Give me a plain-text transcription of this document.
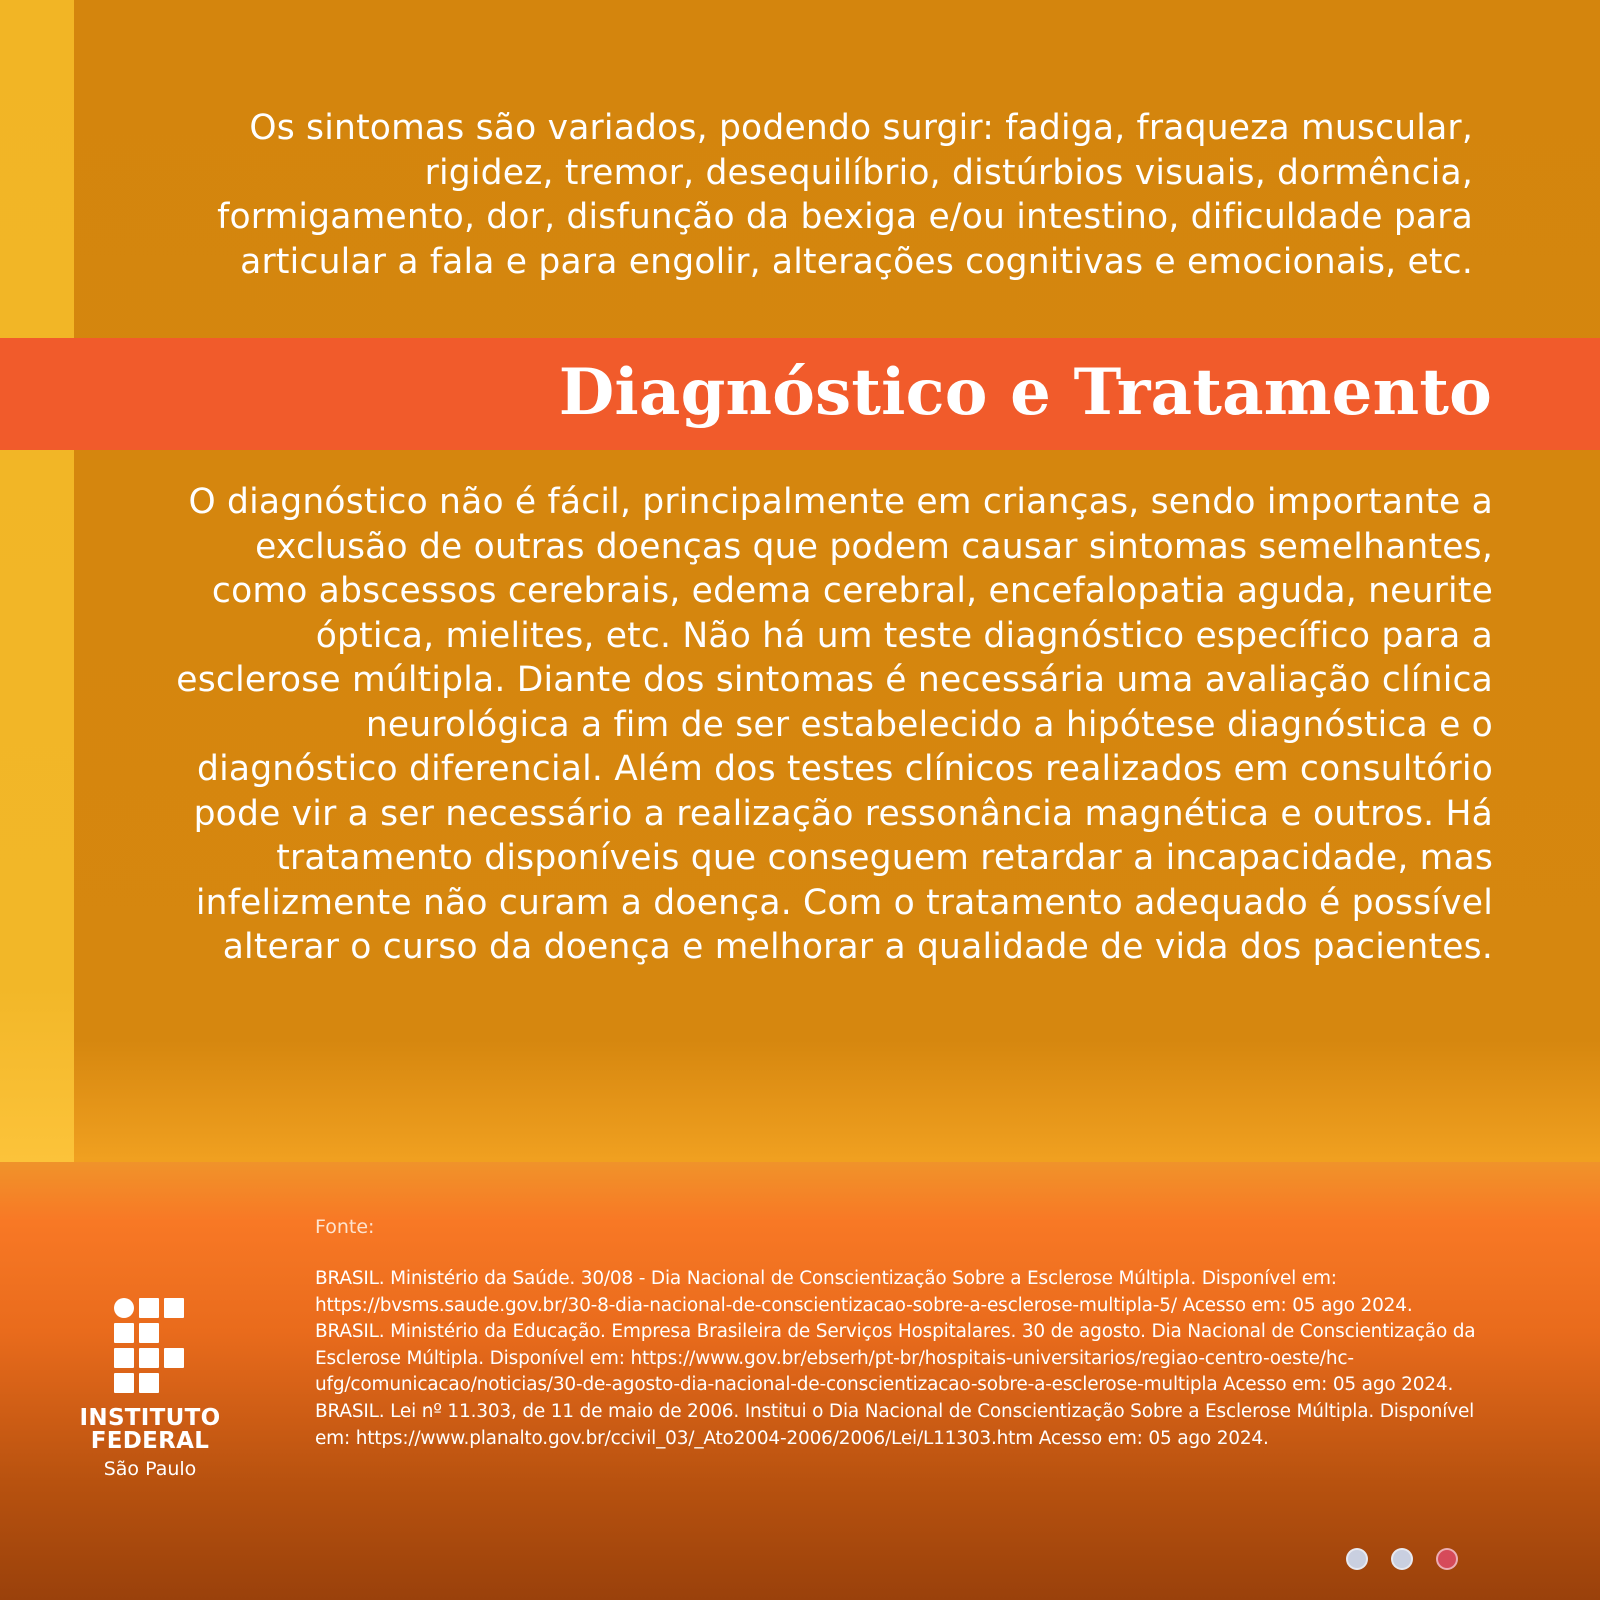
Os sintomas são variados, podendo surgir: fadiga, fraqueza muscular, rigidez, tremor, desequilíbrio, distúrbios visuais, dormência, formigamento, dor, disfunção da bexiga e/ou intestino, dificuldade para articular a fala e para engolir, alterações cognitivas e emocionais, etc.

Diagnóstico e Tratamento

O diagnóstico não é fácil, principalmente em crianças, sendo importante a exclusão de outras doenças que podem causar sintomas semelhantes, como abscessos cerebrais, edema cerebral, encefalopatia aguda, neurite óptica, mielites, etc. Não há um teste diagnóstico específico para a esclerose múltipla. Diante dos sintomas é necessária uma avaliação clínica neurológica a fim de ser estabelecido a hipótese diagnóstica e o diagnóstico diferencial. Além dos testes clínicos realizados em consultório pode vir a ser necessário a realização ressonância magnética e outros. Há tratamento disponíveis que conseguem retardar a incapacidade, mas infelizmente não curam a doença. Com o tratamento adequado é possível alterar o curso da doença e melhorar a qualidade de vida dos pacientes.

INSTITUTO
FEDERAL
São Paulo

Fonte:

BRASIL. Ministério da Saúde. 30/08 - Dia Nacional de Conscientização Sobre a Esclerose Múltipla. Disponível em: https://bvsms.saude.gov.br/30-8-dia-nacional-de-conscientizacao-sobre-a-esclerose-multipla-5/ Acesso em: 05 ago 2024.

BRASIL. Ministério da Educação. Empresa Brasileira de Serviços Hospitalares. 30 de agosto. Dia Nacional de Conscientização da Esclerose Múltipla. Disponível em: https://www.gov.br/ebserh/pt-br/hospitais-universitarios/regiao-centro-oeste/hc-ufg/comunicacao/noticias/30-de-agosto-dia-nacional-de-conscientizacao-sobre-a-esclerose-multipla Acesso em: 05 ago 2024.

BRASIL. Lei nº 11.303, de 11 de maio de 2006. Institui o Dia Nacional de Conscientização Sobre a Esclerose Múltipla. Disponível em: https://www.planalto.gov.br/ccivil_03/_Ato2004-2006/2006/Lei/L11303.htm Acesso em: 05 ago 2024.
